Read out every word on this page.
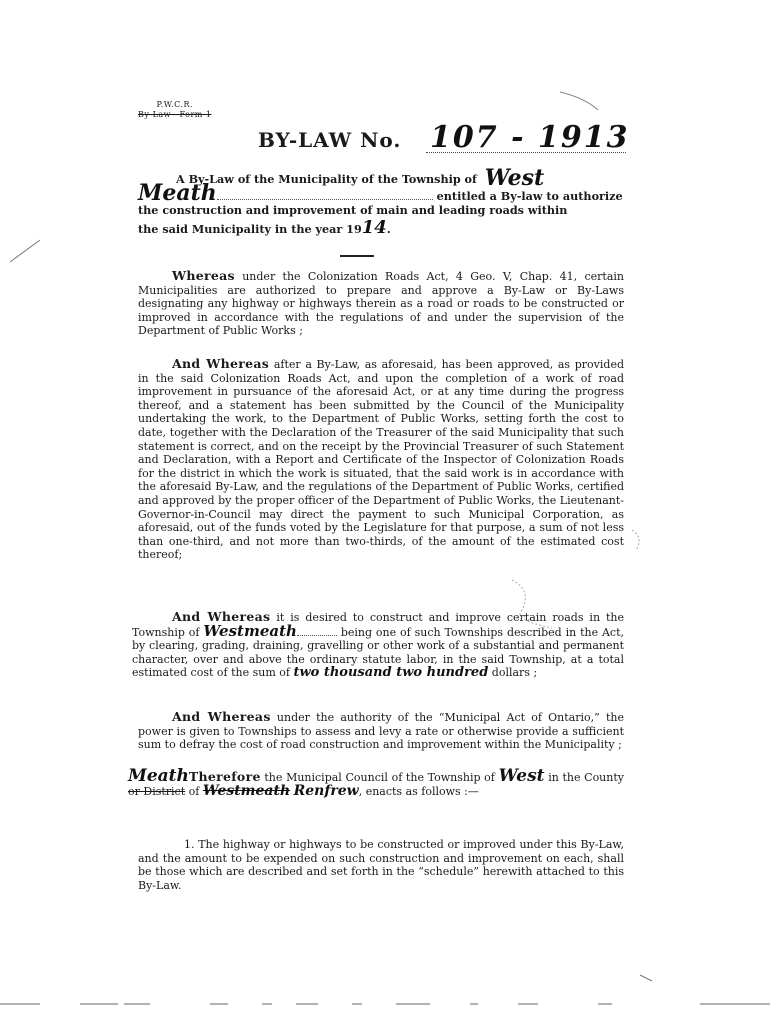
P.W.C.R.
By-Law—Form 1
BY-LAW No. 107 - 1913
A By-Law of the Municipality of the Township of West
Meath	entitled a By-law to authorize
the construction and improvement of main and leading roads within
the said Municipality in the year 1914.
Whereas under the Colonization Roads Act, 4 Geo. V, Chap. 41, certain Municipalities are authorized to prepare and approve a By-Law or By-Laws designating any highway or highways therein as a road or roads to be constructed or improved in accordance with the regulations of and under the supervision of the Department of Public Works ;
And Whereas after a By-Law, as aforesaid, has been approved, as provided in the said Colonization Roads Act, and upon the completion of a work of road improvement in pursuance of the aforesaid Act, or at any time during the progress thereof, and a statement has been submitted by the Council of the Municipality undertaking the work, to the Department of Public Works, setting forth the cost to date, together with the Declaration of the Treasurer of the said Municipality that such statement is correct, and on the receipt by the Provincial Treasurer of such Statement and Declaration, with a Report and Certificate of the Inspector of Colonization Roads for the district in which the work is situated, that the said work is in accordance with the aforesaid By-Law, and the regulations of the Department of Public Works, certified and approved by the proper officer of the Department of Public Works, the Lieutenant-Governor-in-Council may direct the payment to such Municipal Corporation, as aforesaid, out of the funds voted by the Legislature for that purpose, a sum of not less than one-third, and not more than two-thirds, of the amount of the estimated cost thereof;
And Whereas it is desired to construct and improve certain roads in the Township of Westmeath	being one of such Townships described in the Act, by clearing, grading, draining, gravelling or other work of a substantial and permanent character, over and above the ordinary statute labor, in the said Township, at a total estimated cost of the sum of two thousand two hundred dollars ;
And Whereas under the authority of the “Municipal Act of Ontario,” the power is given to Townships to assess and levy a rate or otherwise provide a sufficient sum to defray the cost of road construction and improvement within the Municipality ;
MeathTherefore the Municipal Council of the Township of West in the County or District of Westmeath Renfrew, enacts as follows :—
1. The highway or highways to be constructed or improved under this By-Law, and the amount to be expended on such construction and improvement on each, shall be those which are described and set forth in the “schedule” herewith attached to this By-Law.
